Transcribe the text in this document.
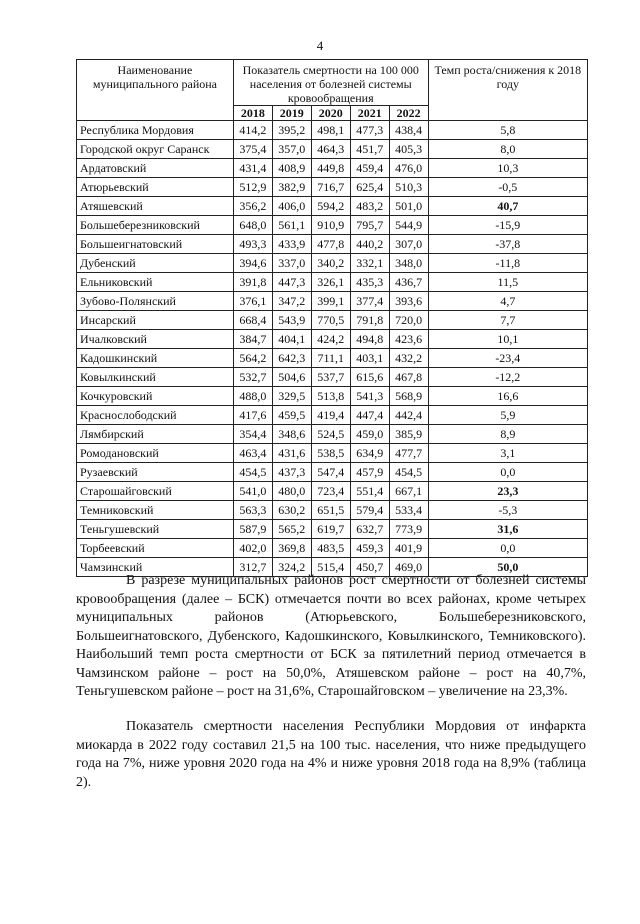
4
Наименование муниципального района	Показатель смертности на 100 000 населения от болезней системы кровообращения					Темп роста/снижения к 2018 году
	2018	2019	2020	2021	2022	
Республика Мордовия	414,2	395,2	498,1	477,3	438,4	5,8
Городской округ Саранск	375,4	357,0	464,3	451,7	405,3	8,0
Ардатовский	431,4	408,9	449,8	459,4	476,0	10,3
Атюрьевский	512,9	382,9	716,7	625,4	510,3	-0,5
Атяшевский	356,2	406,0	594,2	483,2	501,0	40,7
Большеберезниковский	648,0	561,1	910,9	795,7	544,9	-15,9
Большеигнатовский	493,3	433,9	477,8	440,2	307,0	-37,8
Дубенский	394,6	337,0	340,2	332,1	348,0	-11,8
Ельниковский	391,8	447,3	326,1	435,3	436,7	11,5
Зубово-Полянский	376,1	347,2	399,1	377,4	393,6	4,7
Инсарский	668,4	543,9	770,5	791,8	720,0	7,7
Ичалковский	384,7	404,1	424,2	494,8	423,6	10,1
Кадошкинский	564,2	642,3	711,1	403,1	432,2	-23,4
Ковылкинский	532,7	504,6	537,7	615,6	467,8	-12,2
Кочкуровский	488,0	329,5	513,8	541,3	568,9	16,6
Краснослободский	417,6	459,5	419,4	447,4	442,4	5,9
Лямбирский	354,4	348,6	524,5	459,0	385,9	8,9
Ромодановский	463,4	431,6	538,5	634,9	477,7	3,1
Рузаевский	454,5	437,3	547,4	457,9	454,5	0,0
Старошайговский	541,0	480,0	723,4	551,4	667,1	23,3
Темниковский	563,3	630,2	651,5	579,4	533,4	-5,3
Теньгушевский	587,9	565,2	619,7	632,7	773,9	31,6
Торбеевский	402,0	369,8	483,5	459,3	401,9	0,0
Чамзинский	312,7	324,2	515,4	450,7	469,0	50,0
В разрезе муниципальных районов рост смертности от болезней системы кровообращения (далее – БСК) отмечается почти во всех районах, кроме четырех муниципальных районов (Атюрьевского, Большеберезниковского, Большеигнатовского, Дубенского, Кадошкинского, Ковылкинского, Темниковского). Наибольший темп роста смертности от БСК за пятилетний период отмечается в Чамзинском районе – рост на 50,0%, Атяшевском районе – рост на 40,7%, Теньгушевском районе – рост на 31,6%, Старошайговском – увеличение на 23,3%.
Показатель смертности населения Республики Мордовия от инфаркта миокарда в 2022 году составил 21,5 на 100 тыс. населения, что ниже предыдущего года на 7%, ниже уровня 2020 года на 4% и ниже уровня 2018 года на 8,9% (таблица 2).
